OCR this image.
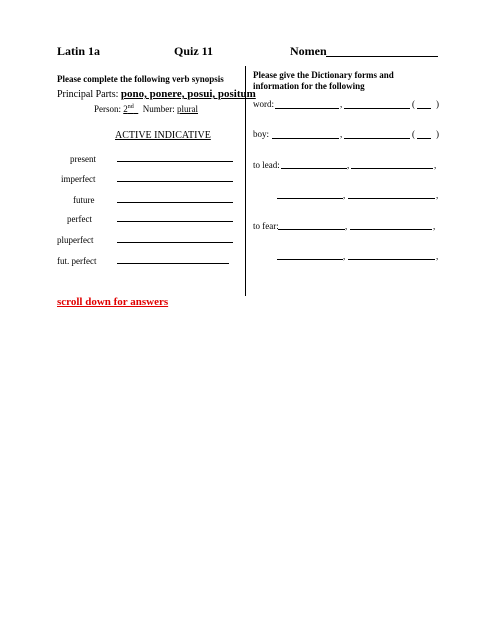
Latin 1a	Quiz 11	Nomen
Please complete the following verb synopsis
Principal Parts: pono, ponere, posui, positum
Person: 2nd Number: plural
ACTIVE INDICATIVE
present
imperfect
future
perfect
pluperfect
fut. perfect
Please give the Dictionary forms and
information for the following
word:	,	( )
boy:	,	( )
to lead:	,	,
,	,
to fear:	,	,
,	,
scroll down for answers
